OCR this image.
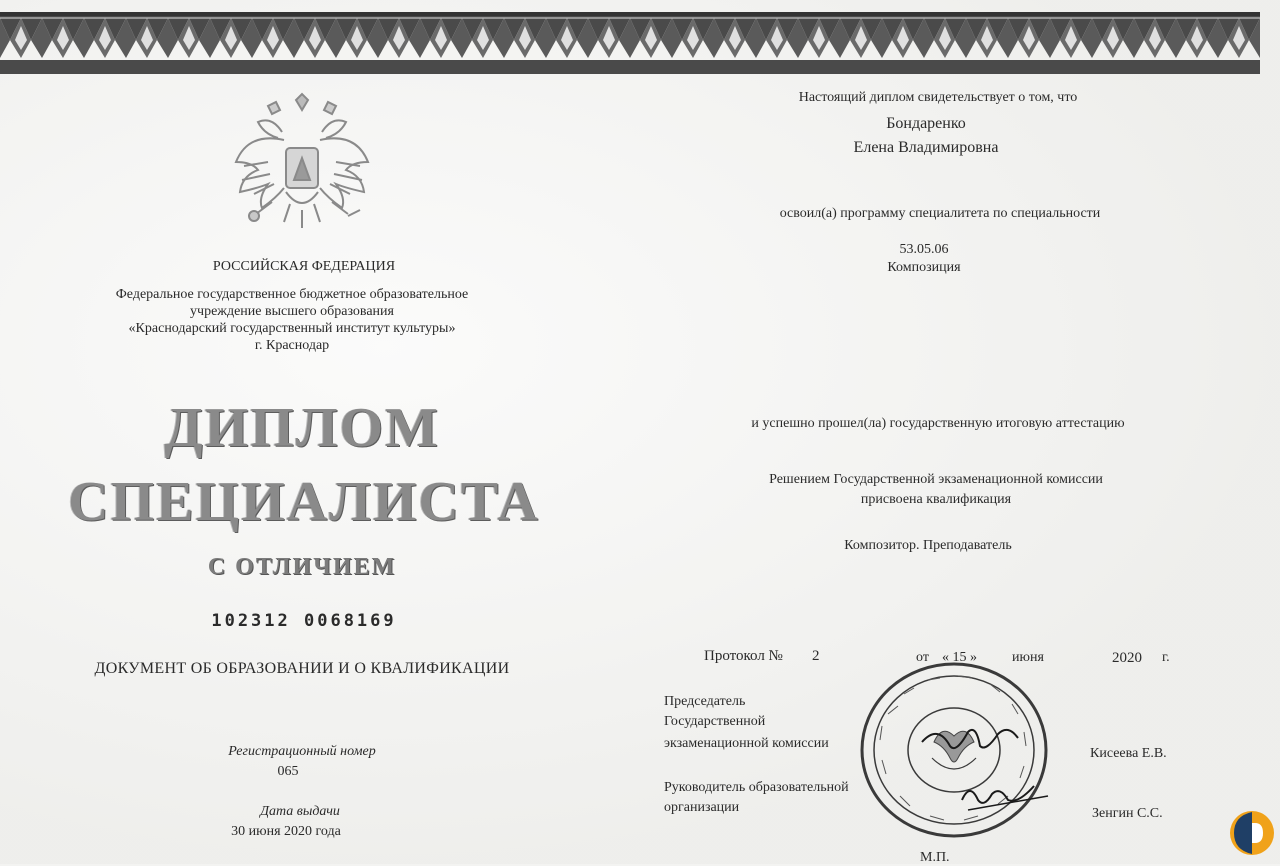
РОССИЙСКАЯ ФЕДЕРАЦИЯ
Федеральное государственное бюджетное образовательное
учреждение высшего образования
«Краснодарский государственный институт культуры»
г. Краснодар
ДИПЛОМ
СПЕЦИАЛИСТА
С ОТЛИЧИЕМ
102312 0068169
ДОКУМЕНТ ОБ ОБРАЗОВАНИИ И О КВАЛИФИКАЦИИ
Регистрационный номер
065
Дата выдачи
30 июня 2020 года
Настоящий диплом свидетельствует о том, что
Бондаренко
Елена Владимировна
освоил(а) программу специалитета по специальности
53.05.06
Композиция
и успешно прошел(ла) государственную итоговую аттестацию
Решением Государственной экзаменационной комиссии
присвоена квалификация
Композитор. Преподаватель
Протокол № 2	от « 15 »	июня	2020 г.
Председатель
Государственной
экзаменационной комиссии
Кисеева Е.В.
Руководитель образовательной
организации	Зенгин С.С.
М.П.
